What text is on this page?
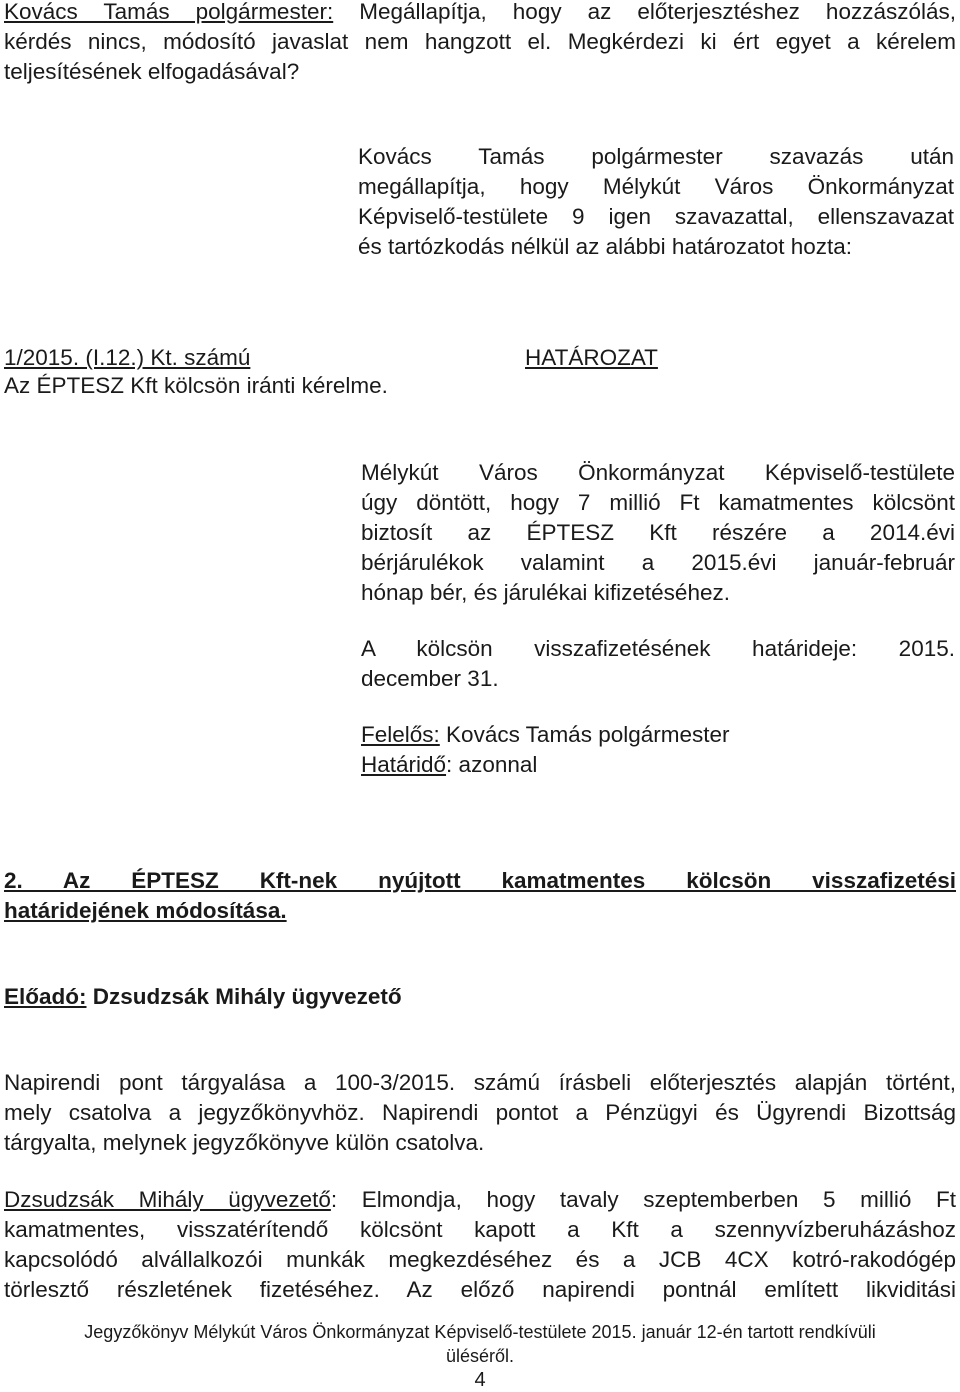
Kovács Tamás polgármester: Megállapítja, hogy az előterjesztéshez hozzászólás,
kérdés nincs, módosító javaslat nem hangzott el. Megkérdezi ki ért egyet a kérelem
teljesítésének elfogadásával?
Kovács Tamás polgármester szavazás után
megállapítja, hogy Mélykút Város Önkormányzat
Képviselő-testülete 9 igen szavazattal, ellenszavazat
és tartózkodás nélkül az alábbi határozatot hozta:
1/2015. (I.12.) Kt. számú
Az ÉPTESZ Kft kölcsön iránti kérelme.
HATÁROZAT
Mélykút Város Önkormányzat Képviselő-testülete
úgy döntött, hogy 7 millió Ft kamatmentes kölcsönt
biztosít az ÉPTESZ Kft részére a 2014.évi
bérjárulékok valamint a 2015.évi január-február
hónap bér, és járulékai kifizetéséhez.
A kölcsön visszafizetésének határideje: 2015.
december 31.
Felelős: Kovács Tamás polgármester
Határidő: azonnal
2. Az ÉPTESZ Kft-nek nyújtott kamatmentes kölcsön visszafizetési
határidejének módosítása.
Előadó: Dzsudzsák Mihály ügyvezető
Napirendi pont tárgyalása a 100-3/2015. számú írásbeli előterjesztés alapján történt,
mely csatolva a jegyzőkönyvhöz. Napirendi pontot a Pénzügyi és Ügyrendi Bizottság
tárgyalta, melynek jegyzőkönyve külön csatolva.
Dzsudzsák Mihály ügyvezető: Elmondja, hogy tavaly szeptemberben 5 millió Ft
kamatmentes, visszatérítendő kölcsönt kapott a Kft a szennyvízberuházáshoz
kapcsolódó alvállalkozói munkák megkezdéséhez és a JCB 4CX kotró-rakodógép
törlesztő részletének fizetéséhez. Az előző napirendi pontnál említett likviditási
Jegyzőkönyv Mélykút Város Önkormányzat Képviselő-testülete 2015. január 12-én tartott rendkívüli
üléséről.
4
